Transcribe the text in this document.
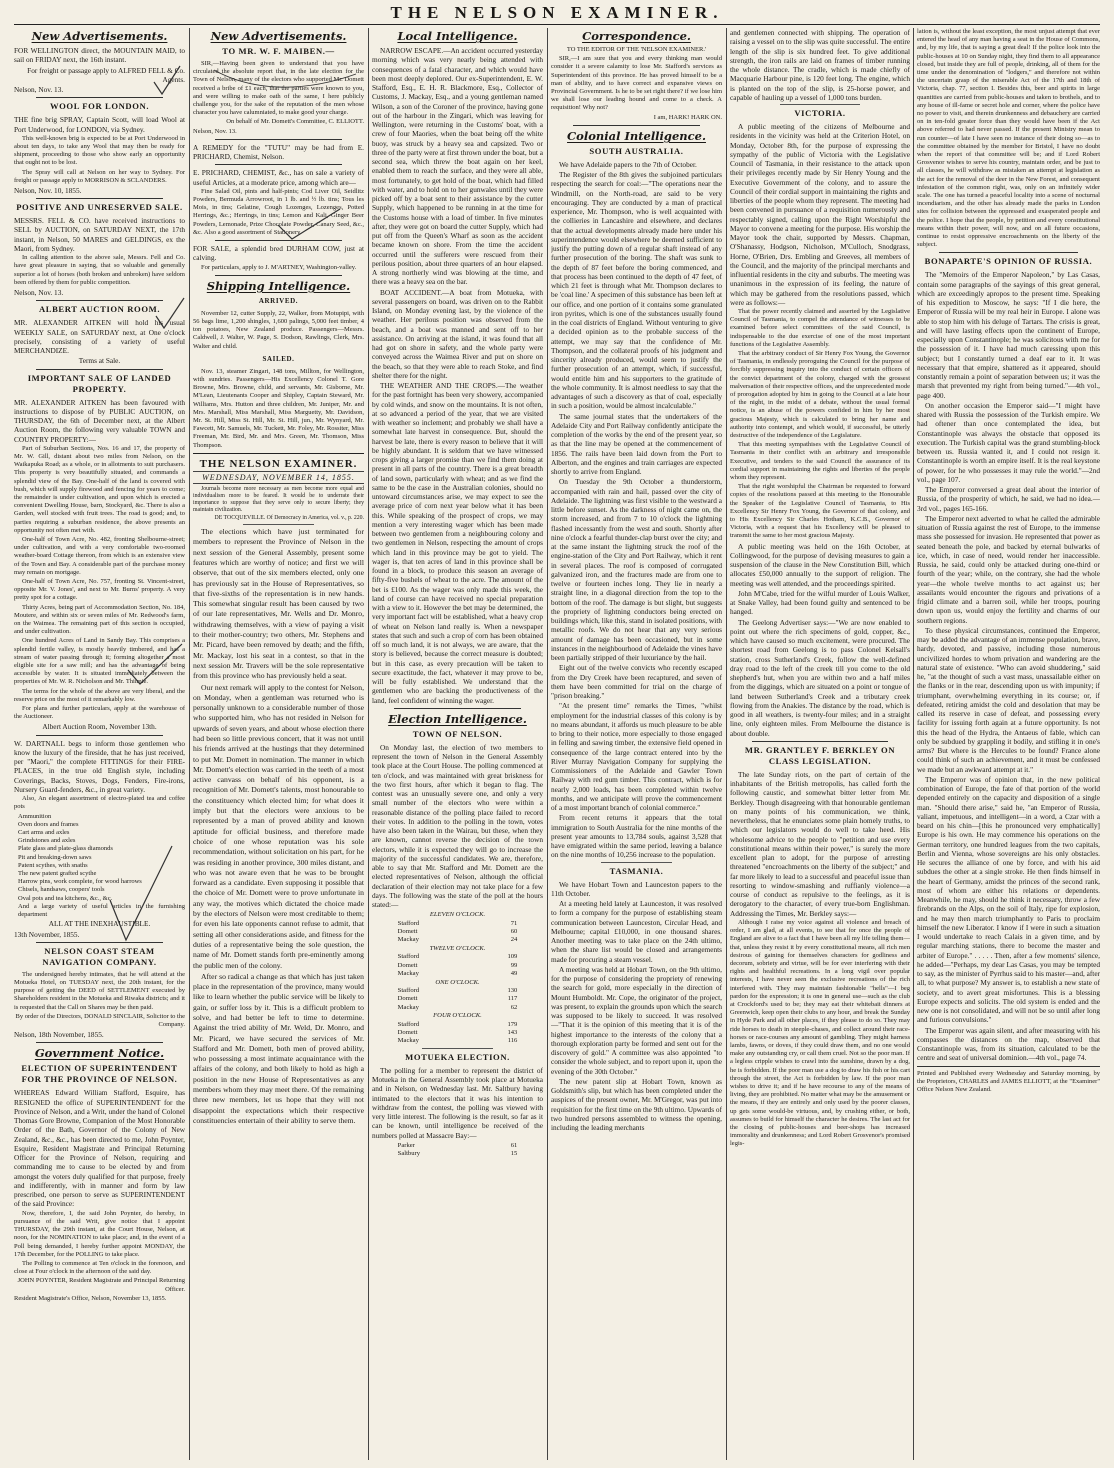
THE NELSON EXAMINER.
New Advertisements.

FOR WELLINGTON direct, the MOUNTAIN MAID, to sail on FRIDAY next, the 16th instant.

For freight or passage apply to ALFRED FELL & Co. Agents.

Nelson, Nov. 13.

WOOL FOR LONDON.

THE fine brig SPRAY, Captain Scott, will load Wool at Port Underwood, for LONDON, via Sydney.

This well-known brig is expected to be at Port Underwood in about ten days, to take any Wool that may then be ready for shipment, proceeding to those who show early an opportunity that ought not to be lost.

The Spray will call at Nelson on her way to Sydney. For freight or passage apply to MORRISON & SCLANDERS.

Nelson, Nov. 10, 1855.

POSITIVE AND UNRESERVED SALE.

MESSRS. FELL & CO. have received instructions to SELL by AUCTION, on SATURDAY NEXT, the 17th instant, in Nelson, 50 MARES and GELDINGS, ex the Maori, from Sydney.

In calling attention to the above sale, Messrs. Fell and Co. have great pleasure in saying, that so valuable and generally superior a lot of horses (both broken and unbroken) have seldom been offered by them for public competition.

Nelson, Nov. 13.

ALBERT AUCTION ROOM.

MR. ALEXANDER AITKEN will hold his usual WEEKLY SALE, on SATURDAY next, at One o'clock precisely, consisting of a variety of useful MERCHANDIZE.

Terms at Sale.

IMPORTANT SALE OF LANDED PROPERTY.

MR. ALEXANDER AITKEN has been favoured with instructions to dispose of by PUBLIC AUCTION, on THURSDAY, the 6th of December next, at the Albert Auction Room, the following very valuable TOWN and COUNTRY PROPERTY:—

Part of Suburban Sections, Nos. 16 and 17, the property of Mr. W. Gill, distant about two miles from Nelson, on the Waikapuka Road; as a whole, or in allotments to suit purchasers. This property is very beautifully situated, and commands a splendid view of the Bay. One-half of the land is covered with bush, which will supply firewood and fencing for years to come; the remainder is under cultivation, and upon which is erected a convenient Dwelling House, barn, Stockyard, &c. There is also a Garden, well stocked with fruit trees. The road is good; and, to parties requiring a suburban residence, the above presents an opportunity not often met with.

One-half of Town Acre, No. 482, fronting Shelbourne-street; under cultivation, and with a very comfortable two-roomed weather-board Cottage thereon, from which is an extensive view of the Town and Bay. A considerable part of the purchase money may remain on mortgage.

One-half of Town Acre, No. 757, fronting St. Vincent-street, opposite Mr. V. Jones', and next to Mr. Burns' property. A very pretty spot for a cottage.

Thirty Acres, being part of Accommodation Section, No. 184, Moutere, and within six or seven miles of Mr. Redwood's farm, on the Waimea. The remaining part of this section is occupied, and under cultivation.

One hundred Acres of Land in Sandy Bay. This comprises a splendid fertile valley, is mostly heavily timbered, and has a stream of water passing through it; forming altogether a most eligible site for a saw mill; and has the advantage of being accessible by water. It is situated immediately between the properties of Mr. W. R. Nicholson and Mr. Thilmie.

The terms for the whole of the above are very liberal, and the reserve price on the most of it remarkably low.

For plans and further particulars, apply at the warehouse of the Auctioneer.

Albert Auction Room, November 13th.

W. DARTNALL begs to inform those gentlemen who know the luxury of the fireside, that he has just received, per "Maori," the complete FITTINGS for their FIRE-PLACES, in the true old English style, including Coverings, Backs, Stoves, Dogs, Fenders, Fire-irons, Nursery Guard-fenders, &c., in great variety.

Also, An elegant assortment of electro-plated tea and coffee pots

Ammunition
Oven doors and frames
Cart arms and axles
Grindstones and axles
Plate glass and plate-glass diamonds
Pit and breaking-down saws
Patent scythes, with snaths
The new patent grafted scythe
Harrow pins, work complete, for wood harrows
Chisels, handsaws, coopers' tools
Oval pots and tea kitchens, &c., &c.
And a large variety of useful articles in the furnishing department

ALL AT THE INEXHAUSTIBLE.

13th November, 1855.

NELSON COAST STEAM NAVIGATION COMPANY.

The undersigned hereby intimates, that he will attend at the Motueka Hotel, on TUESDAY next, the 20th instant, for the purpose of getting the DEED of SETTLEMENT executed by Shareholders resident in the Motueka and Riwaka districts; and it is requested that the Call on Shares may be then paid.

By order of the Directors, DONALD SINCLAIR, Solicitor to the Company.

Nelson, 18th November, 1855.

Government Notice.
ELECTION OF SUPERINTENDENT FOR THE PROVINCE OF NELSON.

WHEREAS Edward William Stafford, Esquire, has RESIGNED the office of SUPERINTENDENT for the Province of Nelson, and a Writ, under the hand of Colonel Thomas Gore Browne, Companion of the Most Honorable Order of the Bath, Governor of the Colony of New Zealand, &c., &c., has been directed to me, John Poynter, Esquire, Resident Magistrate and Principal Returning Officer for the Province of Nelson, requiring and commanding me to cause to be elected by and from amongst the voters duly qualified for that purpose, freely and indifferently, with in manner and form by law prescribed, one person to serve as SUPERINTENDENT of the said Province:

Now, therefore, I, the said John Poynter, do hereby, in pursuance of the said Writ, give notice that I appoint THURSDAY, the 29th instant, at the Court House, Nelson, at noon, for the NOMINATION to take place; and, in the event of a Poll being demanded, I hereby further appoint MONDAY, the 17th December, for the POLLING to take place.

The Polling to commence at Ten o'clock in the forenoon, and close at Four o'clock in the afternoon of the said day.

JOHN POYNTER, Resident Magistrate and Principal Returning Officer.

Resident Magistrate's Office, Nelson, November 13, 1855.

New Advertisements.
TO MR. W. F. MAIBEN.—

SIR,—Having been given to understand that you have circulated the absolute report that, in the late election for the Town of Nelson, many of the electors who supported Mr. Domett received a bribe of £1 each, that the parties were known to you, and were willing to make oath of the same, I here publicly challenge you, for the sake of the reputation of the men whose character you have calumniated, to make good your charge.

On behalf of Mr. Domett's Committee, C. ELLIOTT.

Nelson, Nov. 13.

A REMEDY for the "TUTU" may be had from E. PRICHARD, Chemist, Nelson.

E. PRICHARD, CHEMIST, &c., has on sale a variety of useful Articles, at a moderate price, among which are—

Fine Salad Oil, pints and half-pints; Cod Liver Oil, Seidlitz Powders, Bermuda Arrowroot, in 1 lb. and ½ lb. tins; Tous les Mois, in tins; Gelatine, Cough Lozenges, Lozenges, Potted Herrings, &c.; Herrings, in tins; Lemon and Kali, Ginger Beer Powders, Lemonade, Prize Chocolate Powder, Canary Seed, &c., &c. Also a good assortment of Stationery.

FOR SALE, a splendid bred DURHAM COW, just at calving.

For particulars, apply to J. M'ARTNEY, Washington-valley.

Shipping Intelligence.
ARRIVED.

November 12, cutter Supply, 22, Walker, from Motupipi, with 56 bags lime, 1,200 shingles, 1,600 palings, 5,000 feet timber, 4 ton potatoes, New Zealand produce. Passengers—Messrs. Caldwell, J. Walter, W. Page, S. Dodson, Rawlings, Clerk, Mrs. Walter and child.

SAILED.

Nov. 13, steamer Zingari, 148 tons, Millton, for Wellington, with sundries. Passengers—His Excellency Colonel T. Gore Browne, Mrs. Browne, child, and servants, Mr. Gisborne, Mr. M'Lean, Lieutenants Cooper and Shipley, Captain Steward, Mr. Williams, Mrs. Hutton and three children, Mr. Juniper, Mr. and Mrs. Marshall, Miss Marshall, Miss Marguetty, Mr. Davidson, Mr. St. Hill, Miss St. Hill, Mr. St. Hill, jun., Mr. Wynyard, Mr. Fawcett, Mr. Samuels, Mr. Tuckett, Mr. Foley, Mr. Rossiter, Miss Freeman, Mr. Bird, Mr. and Mrs. Green, Mr. Thomson, Miss Thompson.

THE NELSON EXAMINER.
WEDNESDAY, NOVEMBER 14, 1855.

Journals become more necessary as men become more equal and individualism more to be feared. It would be to underrate their importance to suppose that they serve only to secure liberty; they maintain civilization.

DE TOCQUEVILLE. Of Democracy in America, vol. v., p. 220.

The elections which have just terminated for members to represent the Province of Nelson in the next session of the General Assembly, present some features which are worthy of notice; and first we will observe, that out of the six members elected, only one has previously sat in the House of Representatives, so that five-sixths of the representation is in new hands. This somewhat singular result has been caused by two of our late representatives, Mr. Wells and Dr. Monro, withdrawing themselves, with a view of paying a visit to their mother-country; two others, Mr. Stephens and Mr. Picard, have been removed by death; and the fifth, Mr. Mackay, lost his seat in a contest, so that in the next session Mr. Travers will be the sole representative from this province who has previously held a seat.

Our next remark will apply to the contest for Nelson, on Monday, when a gentleman was returned who is personally unknown to a considerable number of those who supported him, who has not resided in Nelson for upwards of seven years, and about whose election there had been so little previous concert, that it was not until his friends arrived at the hustings that they determined to put Mr. Domett in nomination. The manner in which Mr. Domett's election was carried in the teeth of a most active canvass on behalf of his opponent, is a recognition of Mr. Domett's talents, most honourable to the constituency which elected him; for what does it imply but that the electors were anxious to be represented by a man of proved ability and known aptitude for official business, and therefore made choice of one whose reputation was his sole recommendation, without solicitation on his part, for he was residing in another province, 300 miles distant, and who was not aware even that he was to be brought forward as a candidate. Even supposing it possible that the choice of Mr. Domett were to prove unfortunate in any way, the motives which dictated the choice made by the electors of Nelson were most creditable to them; for even his late opponents cannot refuse to admit, that setting all other considerations aside, and fitness for the duties of a representative being the sole question, the name of Mr. Domett stands forth pre-eminently among the public men of the colony.

After so radical a change as that which has just taken place in the representation of the province, many would like to learn whether the public service will be likely to gain, or suffer loss by it. This is a difficult problem to solve, and had better be left to time to determine. Against the tried ability of Mr. Weld, Dr. Monro, and Mr. Picard, we have secured the services of Mr. Stafford and Mr. Domett, both men of proved ability, who possessing a most intimate acquaintance with the affairs of the colony, and both likely to hold as high a position in the new House of Representatives as any members whom they may meet there. Of the remaining three new members, let us hope that they will not disappoint the expectations which their respective constituencies entertain of their ability to serve them.

Local Intelligence.

NARROW ESCAPE.—An accident occurred yesterday morning which was very nearly being attended with consequences of a fatal character, and which would have been most deeply deplored. Our ex-Superintendent, E. W. Stafford, Esq., E. H. R. Blackmore, Esq., Collector of Customs, J. Mackay, Esq., and a young gentleman named Wilson, a son of the Coroner of the province, having gone out of the harbour in the Zingari, which was leaving for Wellington, were returning in the Customs' boat, with a crew of four Maories, when the boat being off the white buoy, was struck by a heavy sea and capsized. Two or three of the party were at first thrown under the boat, but a second sea, which threw the boat again on her keel, enabled them to reach the surface, and they were all able, most fortunately, to get hold of the boat, which had filled with water, and to hold on to her gunwales until they were picked off by a boat sent to their assistance by the cutter Supply, which happened to be running in at the time for the Customs house with a load of timber. In five minutes after, they were got on board the cutter Supply, which had put off from the Queen's Wharf as soon as the accident became known on shore. From the time the accident occurred until the sufferers were rescued from their perilous position, about three quarters of an hour elapsed. A strong northerly wind was blowing at the time, and there was a heavy sea on the bar.

BOAT ACCIDENT.—A boat from Motueka, with several passengers on board, was driven on to the Rabbit Island, on Monday evening last, by the violence of the weather. Her perilous position was observed from the beach, and a boat was manned and sent off to her assistance. On arriving at the island, it was found that all had got on shore in safety, and the whole party were conveyed across the Waimea River and put on shore on the beach, so that they were able to reach Stoke, and find shelter there for the night.

THE WEATHER AND THE CROPS.—The weather for the past fortnight has been very showery, accompanied by cold winds, and snow on the mountains. It is not often, at so advanced a period of the year, that we are visited with weather so inclement; and probably we shall have a somewhat late harvest in consequence. But, should the harvest be late, there is every reason to believe that it will be highly abundant. It is seldom that we have witnessed crops giving a larger promise than we find them doing at present in all parts of the country. There is a great breadth of land sown, particularly with wheat; and as we find the same to be the case in the Australian colonies, should no untoward circumstances arise, we may expect to see the average price of corn next year below what it has been this. While speaking of the prospect of crops, we may mention a very interesting wager which has been made between two gentlemen from a neighbouring colony and two gentlemen in Nelson, respecting the amount of crops which land in this province may be got to yield. The wager is, that ten acres of land in this province shall be found in a block, to produce this season an average of fifty-five bushels of wheat to the acre. The amount of the bet is £100. As the wager was only made this week, the land of course can have received no special preparation with a view to it. However the bet may be determined, the very important fact will be established, what a heavy crop of wheat on Nelson land really is. When a newspaper states that such and such a crop of corn has been obtained off so much land, it is not always, we are aware, that the story is believed, because the correct measure is doubted; but in this case, as every precaution will be taken to secure exactitude, the fact, whatever it may prove to be, will be fully established. We understand that the gentlemen who are backing the productiveness of the land, feel confident of winning the wager.

Election Intelligence.
TOWN OF NELSON.

On Monday last, the election of two members to represent the town of Nelson in the General Assembly took place at the Court House. The polling commenced at ten o'clock, and was maintained with great briskness for the two first hours, after which it began to flag. The contest was an unusually severe one, and only a very small number of the electors who were within a reasonable distance of the polling place failed to record their votes. In addition to the polling in the town, votes have also been taken in the Wairau, but these, when they are known, cannot reverse the decision of the town electors, while it is expected they will go to increase the majority of the successful candidates. We are, therefore, able to say that Mr. Stafford and Mr. Domett are the elected representatives of Nelson, although the official declaration of their election may not take place for a few days. The following was the state of the poll at the hours stated:—

ELEVEN O'CLOCK.	
Stafford	71
Domett	60
Mackay	24
TWELVE O'CLOCK.	
Stafford	109
Domett	99
Mackay	49
ONE O'CLOCK.	
Stafford	130
Domett	117
Mackay	62
FOUR O'CLOCK.	
Stafford	179
Domett	143
Mackay	116
MOTUEKA ELECTION.

The polling for a member to represent the district of Motueka in the General Assembly took place at Motueka and in Nelson, on Wednesday last. Mr. Saltbury having intimated to the electors that it was his intention to withdraw from the contest, the polling was viewed with very little interest. The following is the result, so far as it can be known, until intelligence be received of the numbers polled at Massacre Bay:—

Parker	61
Saltbury	15
Correspondence.

TO THE EDITOR OF THE 'NELSON EXAMINER.'

SIR,—I am sure that you and every thinking man would consider it a severe calamity to lose Mr. Stafford's services as Superintendent of this province. He has proved himself to be a man of ability, and to have correct and expansive views on Provincial Government. Is he to be set right there? if we lose him we shall lose our leading hound and come to a check. A requisition! Why not?

I am, HARK! HARK ON.

Colonial Intelligence.
SOUTH AUSTRALIA.

We have Adelaide papers to the 7th of October.

The Register of the 8th gives the subjoined particulars respecting the search for coal:—"The operations near the Windmill, on the North-road, are said to be very encouraging. They are conducted by a man of practical experience, Mr. Thompson, who is well acquainted with the collieries in Lancashire and elsewhere, and declares that the actual developments already made here under his superintendence would elsewhere be deemed sufficient to justify the putting down of a regular shaft instead of any further prosecution of the boring. The shaft was sunk to the depth of 87 feet before the boring commenced, and that process has been continued to the depth of 47 feet, of which 21 feet is through what Mr. Thompson declares to be 'coal line.' A specimen of this substance has been left at our office, and one portion of it contains some granulated iron pyrites, which is one of the substances usually found in the coal districts of England. Without venturing to give a decided opinion as to the probable success of the attempt, we may say that the confidence of Mr. Thompson, and the collateral proofs of his judgment and sincerity already produced, would seem to justify the further prosecution of an attempt, which, if successful, would entitle him and his supporters to the gratitude of the whole community. It is almost needless to say that the advantages of such a discovery as that of coal, especially in such a position, would be almost incalculable."

The same journal states that the undertakers of the Adelaide City and Port Railway confidently anticipate the completion of the works by the end of the present year, so as that the line may be opened at the commencement of 1856. The rails have been laid down from the Port to Alberton, and the engines and train carriages are expected shortly to arrive from England.

On Tuesday the 9th October a thunderstorm, accompanied with rain and hail, passed over the city of Adelaide. The lightning was first visible to the westward a little before sunset. As the darkness of night came on, the storm increased, and from 7 to 10 o'clock the lightning flashed incessantly from the west and south. Shortly after nine o'clock a fearful thunder-clap burst over the city; and at the same instant the lightning struck the roof of the engine-station of the City and Port Railway, which it rent in several places. The roof is composed of corrugated galvanized iron, and the fractures made are from one to twelve or fourteen inches long. They lie in nearly a straight line, in a diagonal direction from the top to the bottom of the roof. The damage is but slight, but suggests the propriety of lightning conductors being erected on buildings which, like this, stand in isolated positions, with metallic roofs. We do not hear that any very serious amount of damage has been occasioned, but in some instances in the neighbourhood of Adelaide the vines have been partially stripped of their luxuriance by the hail.

Eight out of the twelve convicts who recently escaped from the Dry Creek have been recaptured, and seven of them have been committed for trial on the charge of "prison breaking."

"At the present time" remarks the Times, "whilst employment for the industrial classes of this colony is by no means abundant, it affords us much pleasure to be able to bring to their notice, more especially to those engaged in felling and sawing timber, the extensive field opened in consequence of the large contract entered into by the River Murray Navigation Company for supplying the Commissioners of the Adelaide and Gawler Town Railway with red gum timber. This contract, which is for nearly 2,000 loads, has been completed within twelve months, and we anticipate will prove the commencement of a most important branch of colonial commerce."

From recent returns it appears that the total immigration to South Australia for the nine months of the present year amounts to 13,784 souls, against 3,528 that have emigrated within the same period, leaving a balance on the nine months of 10,256 increase to the population.

TASMANIA.

We have Hobart Town and Launceston papers to the 11th October.

At a meeting held lately at Launceston, it was resolved to form a company for the purpose of establishing steam communication between Launceston, Circular Head, and Melbourne; capital £10,000, in one thousand shares. Another meeting was to take place on the 24th ultimo, when the share list would be closed and arrangements made for procuring a steam vessel.

A meeting was held at Hobart Town, on the 9th ultimo, for the purpose of considering the propriety of renewing the search for gold, more especially in the direction of Mount Humboldt. Mr. Cope, the originator of the project, was present, to explain the grounds upon which the search was supposed to be likely to succeed. It was resolved—"That it is the opinion of this meeting that it is of the highest importance to the interests of the colony that a thorough exploration party be formed and sent out for the discovery of gold." A committee was also appointed "to consider the whole subject, and to report upon it, upon the evening of the 30th October."

The new patent slip at Hobart Town, known as Goldsmith's slip, but which has been completed under the auspices of the present owner, Mr. M'Gregor, was put into requisition for the first time on the 9th ultimo. Upwards of two hundred persons assembled to witness the opening, including the leading merchants

and gentlemen connected with shipping. The operation of raising a vessel on to the slip was quite successful. The entire length of the slip is six hundred feet. To give additional strength, the iron rails are laid on frames of timber running the whole distance. The cradle, which is made chiefly of Macquarie Harbour pine, is 120 feet long. The engine, which is planted on the top of the slip, is 25-horse power, and capable of hauling up a vessel of 1,000 tons burden.

VICTORIA.

A public meeting of the citizens of Melbourne and residents in the vicinity was held at the Criterion Hotel, on Monday, October 8th, for the purpose of expressing the sympathy of the public of Victoria with the Legislative Council of Tasmania, in their resistance to the attack upon their privileges recently made by Sir Henry Young and the Executive Government of the colony, and to assure the Council of their cordial support in maintaining the rights and liberties of the people whom they represent. The meeting had been convened in pursuance of a requisition numerously and respectably signed, calling upon the Right Worshipful the Mayor to convene a meeting for the purpose. His worship the Mayor took the chair, supported by Messrs. Chapman, O'Shanassy, Hodgson, Nicholson, M'Culloch, Snodgrass, Horne, O'Brien, Drs. Embling and Greeves, all members of the Council, and the majority of the principal merchants and influential residents in the city and suburbs. The meeting was unanimous in the expression of its feeling, the nature of which may be gathered from the resolutions passed, which were as follows:—

That the power recently claimed and asserted by the Legislative Council of Tasmania, to compel the attendance of witnesses to be examined before select committees of the said Council, is indispensable to the due exercise of one of the most important functions of the Legislative Assembly.

That the arbitrary conduct of Sir Henry Fox Young, the Governor of Tasmania, in endlessly proroguing the Council for the purpose of forcibly suppressing inquiry into the conduct of certain officers of the convict department of the colony, charged with the grossest malversation of their respective offices, and the unprecedented mode of prorogation adopted by him in going to the Council at a late hour of the night, in the midst of a debate, without the usual formal notice, is an abuse of the powers confided in him by her most gracious Majesty, which is calculated to bring her name and authority into contempt, and which would, if successful, be utterly destructive of the independence of the Legislature.

That this meeting sympathises with the Legislative Council of Tasmania in their conflict with an arbitrary and irresponsible Executive, and tenders to the said Council the assurance of its cordial support in maintaining the rights and liberties of the people whom they represent.

That the right worshipful the Chairman be requested to forward copies of the resolutions passed at this meeting to the Honourable the Speaker of the Legislative Council of Tasmania, to His Excellency Sir Henry Fox Young, the Governor of that colony, and to His Excellency Sir Charles Hotham, K.C.B., Governor of Victoria, with a request that his Excellency will be pleased to transmit the same to her most gracious Majesty.

A public meeting was held on the 16th October, at Collingwood, for the purpose of devising measures to gain a suspension of the clause in the New Constitution Bill, which allocates £50,000 annually to the support of religion. The meeting was well attended, and the proceedings spirited.

John M'Cabe, tried for the wilful murder of Louis Walker, at Snake Valley, had been found guilty and sentenced to be hanged.

The Geelong Advertiser says:—"We are now enabled to point out where the rich specimens of gold, copper, &c., which have caused so much excitement, were procured. The shortest road from Geelong is to pass Colonel Kelsall's station, cross Sutherland's Creek, follow the well-defined dray road to the left of the creek till you come to the old shepherd's hut, when you are within two and a half miles from the diggings, which are situated on a point or tongue of land between Sutherland's Creek and a tributary creek flowing from the Anakies. The distance by the road, which is good in all weathers, is twenty-four miles; and in a straight line, only eighteen miles. From Melbourne the distance is about double.

MR. GRANTLEY F. BERKLEY ON CLASS LEGISLATION.

The late Sunday riots, on the part of certain of the inhabitants of the British metropolis, has called forth the following caustic, and somewhat bitter letter from Mr. Berkley. Though disagreeing with that honourable gentleman on many points of his communication, we think, nevertheless, that he enunciates some plain homely truths, to which our legislators would do well to take heed. His wholesome advice to the people to "petition and use every constitutional means within their power," is surely the more excellent plan to adopt, for the purpose of arresting threatened "encroachments on the liberty of the subject;" and far more likely to lead to a successful and peaceful issue than resorting to window-smashing and ruffianly violence—a course of conduct as repulsive to the feelings, as it is derogatory to the character, of every true-born Englishman. Addressing the Times, Mr. Berkley says:—

Although I raise my voice against all violence and breach of order, I am glad, at all events, to see that for once the people of England are alive to a fact that I have been all my life telling them—that, unless they resist it by every constitutional means, all rich men desirous of gaining for themselves characters for godliness and decorum, sobriety and virtue, will be for ever interfering with their rights and healthful recreations. In a long vigil over popular interests, I have never seen the exclusive recreations of the rich interfered with. They may maintain fashionable "hells"—I beg pardon for the expression; it is one in general use—such as the club at Crockford's used to be; they may eat their whitebait dinners at Greenwich, keep open their clubs to any hour, and break the Sunday in Hyde Park and all other places, if they please to do so. They may ride horses to death in steeple-chases, and collect around their race-horses or race-courses any amount of gambling. They might harness lambs, fawns, or doves, if they could draw them, and no one would make any outstanding cry, or call them cruel. Not so the poor man. If a legless cripple wishes to crawl into the sunshine, drawn by a dog, he is forbidden. If the poor man use a dog to draw his fish or his cart through the street, the Act is forbidden by law. If the poor man wishes to drive it; and if he have recourse to any of the means of living, they are prohibited. No matter what may be the amusement or the means, if they are entirely and only used by the poorer classes, up gets some would-be virtuous, and, by crushing either, or both, assumes to build for himself the character he desires. The last act for the closing of public-houses and beer-shops has increased immorality and drunkenness; and Lord Robert Grosvenor's promised legis-

lation is, without the least exception, the most unjust attempt that ever entered the head of any man having a seat in the House of Commons, and, by my life, that is saying a great deal! If the police look into the public-houses at 10 on Sunday night, they find them to all appearance closed, but inside they are full of people, drinking, all of them for the time under the denomination of "lodgers," and therefore not within the uncertain grasp of the miserable Act of the 17th and 18th of Victoria, chap. 77, section I. Besides this, beer and spirits in large quantities are carried from public-houses and taken to brothels, and to any house of ill-fame or secret hole and corner, where the police have no power to visit, and therein drunkenness and debauchery are carried on in ten-fold greater force than they would have been if the Act above referred to had never passed. If the present Ministry mean to run counter—of late I have seen no instance of their doing so—as to the committee obtained by the member for Bristol, I have no doubt when the report of that committee will be; and if Lord Robert Grosvenor wishes to serve his country, maintain order, and be just to all classes, he will withdraw as mistaken an attempt at legislation as the act for the removal of the deer in the New Forest, and consequent infestation of the common right, was, only on an infinitely wider scale. The one has turned a peaceful locality into a scene of nocturnal incendiarism, and the other has already made the parks in London sites for collision between the oppressed and exasperated people and the police. I hope that the people, by petition and every constitutional means within their power, will now, and on all future occasions, continue to resist oppressive encroachments on the liberty of the subject.

BONAPARTE'S OPINION OF RUSSIA.

The "Memoirs of the Emperor Napoleon," by Las Casas, contain some paragraphs of the sayings of this great general, which are exceedingly apropos to the present time. Speaking of his expedition to Moscow, he says: "If I die here, the Emperor of Russia will be my real heir in Europe. I alone was able to stop him with his deluge of Tartars. The crisis is great, and will have lasting effects upon the continent of Europe, especially upon Constantinople; he was solicitous with me for the possession of it. I have had much caressing upon this subject; but I constantly turned a deaf ear to it. It was necessary that that empire, shattered as it appeared, should constantly remain a point of separation between us; it was the marsh that prevented my right from being turned."—4th vol., page 400.

On another occasion the Emperor said—"I might have shared with Russia the possession of the Turkish empire. We had oftener than once contemplated the idea, but Constantinople was always the obstacle that opposed its execution. The Turkish capital was the grand stumbling-block between us. Russia wanted it, and I could not resign it. Constantinople is worth an empire itself. It is the real keystone of power, for he who possesses it may rule the world."—2nd vol., page 107.

The Emperor conversed a great deal about the interior of Russia, of the prosperity of which, he said, we had no idea.—3rd vol., pages 165-166.

The Emperor next adverted to what he called the admirable situation of Russia against the rest of Europe, to the immense mass she possessed for invasion. He represented that power as seated beneath the pole, and backed by eternal bulwarks of ice, which, in case of need, would render her inaccessible. Russia, he said, could only be attacked during one-third or fourth of the year; while, on the contrary, she had the whole year—the whole twelve months to act against us; her assailants would encounter the rigours and privations of a frigid climate and a barren soil, while her troops, pouring down upon us, would enjoy the fertility and charms of our southern regions.

To these physical circumstances, continued the Emperor, may be added the advantage of an immense population, brave, hardy, devoted, and passive, including those numerous uncivilized hordes to whom privation and wandering are the natural state of existence. "Who can avoid shuddering," said he, "at the thought of such a vast mass, unassailable either on the flanks or in the rear, descending upon us with impunity; if triumphant, overwhelming everything in its course; or, if defeated, retiring amidst the cold and desolation that may be called its reserve in case of defeat, and possessing every facility for issuing forth again at a future opportunity. Is not this the head of the Hydra, the Antaeus of fable, which can only be subdued by grappling it bodily, and stifling it in one's arms? But where is the Hercules to be found? France alone could think of such an achievement, and it must be confessed we made but an awkward attempt at it."

The Emperor was of opinion that, in the new political combination of Europe, the fate of that portion of the world depended entirely on the capacity and disposition of a single man. "Should there arise," said he, "an Emperor of Russia, valiant, impetuous, and intelligent—in a word, a Czar with a beard on his chin—[this he pronounced very emphatically] Europe is his own. He may commence his operations on the German territory, one hundred leagues from the two capitals, Berlin and Vienna, whose sovereigns are his only obstacles. He secures the alliance of one by force, and with his aid subdues the other at a single stroke. He then finds himself in the heart of Germany, amidst the princes of the second rank, most of whom are either his relations or dependents. Meanwhile, he may, should he think it necessary, throw a few firebrands on the Alps, on the soil of Italy, ripe for explosion, and he may then march triumphantly to Paris to proclaim himself the new Liberator. I know if I were in such a situation I would undertake to reach Calais in a given time, and by regular marching stations, there to become the master and arbiter of Europe." . . . . . Then, after a few moments' silence, he added—"Perhaps, my dear Las Casas, you may be tempted to say, as the minister of Pyrrhus said to his master—and, after all, to what purpose? My answer is, to establish a new state of society, and to avert great misfortunes. This is a blessing Europe expects and solicits. The old system is ended and the new one is not consolidated, and will not be so until after long and furious convulsions."

The Emperor was again silent, and after measuring with his compasses the distances on the map, observed that Constantinople was, from its situation, calculated to be the centre and seat of universal dominion.—4th vol., page 74.

Printed and Published every Wednesday and Saturday morning, by the Proprietors, CHARLES and JAMES ELLIOTT, at the "Examiner" Office Nelson New Zealand.
